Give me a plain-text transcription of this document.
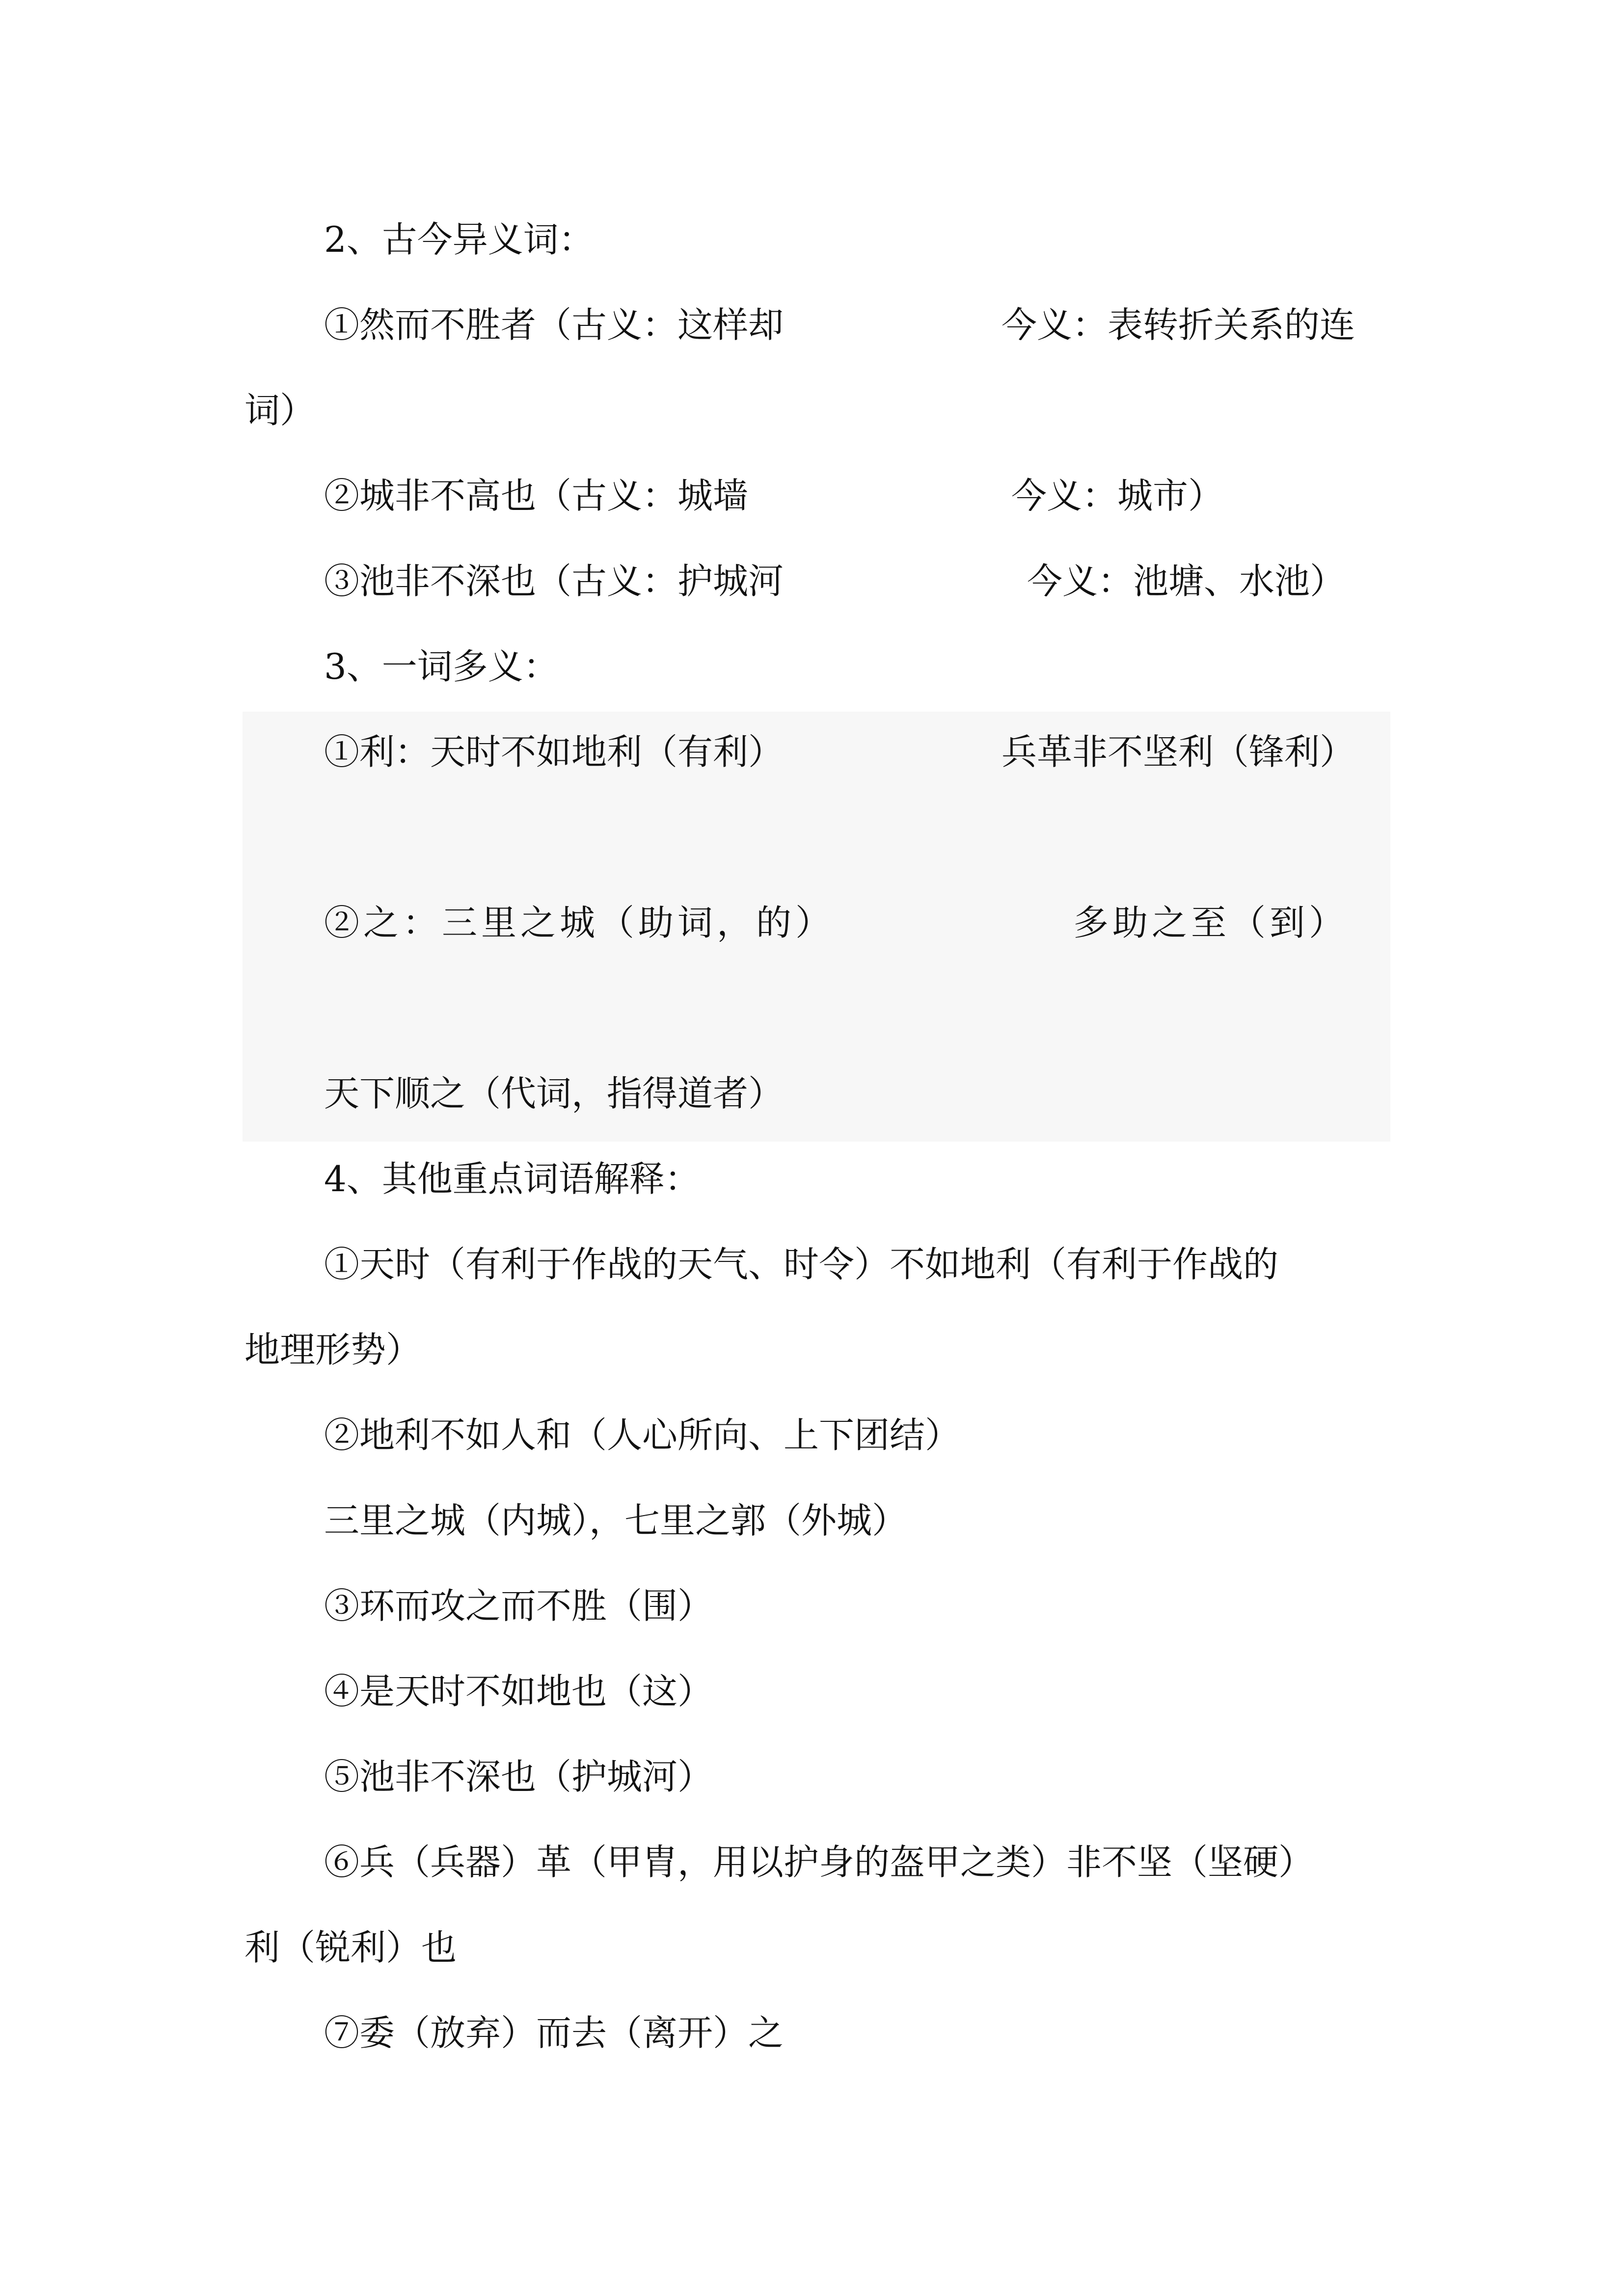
2、古今异义词：
①然而不胜者（古义：这样却	今义：表转折关系的连
词）
②城非不高也（古义：城墙	今义：城市）
③池非不深也（古义：护城河	今义：池塘、水池）
3、一词多义：
①利：天时不如地利（有利）	兵革非不坚利（锋利）
②之：三里之城（助词，的）	多助之至（到）
天下顺之（代词，指得道者）
4、其他重点词语解释：
①天时（有利于作战的天气、时令）不如地利（有利于作战的
地理形势）
②地利不如人和（人心所向、上下团结）
三里之城（内城），七里之郭（外城）
③环而攻之而不胜（围）
④是天时不如地也（这）
⑤池非不深也（护城河）
⑥兵（兵器）革（甲胄，用以护身的盔甲之类）非不坚（坚硬）
利（锐利）也
⑦委（放弃）而去（离开）之
